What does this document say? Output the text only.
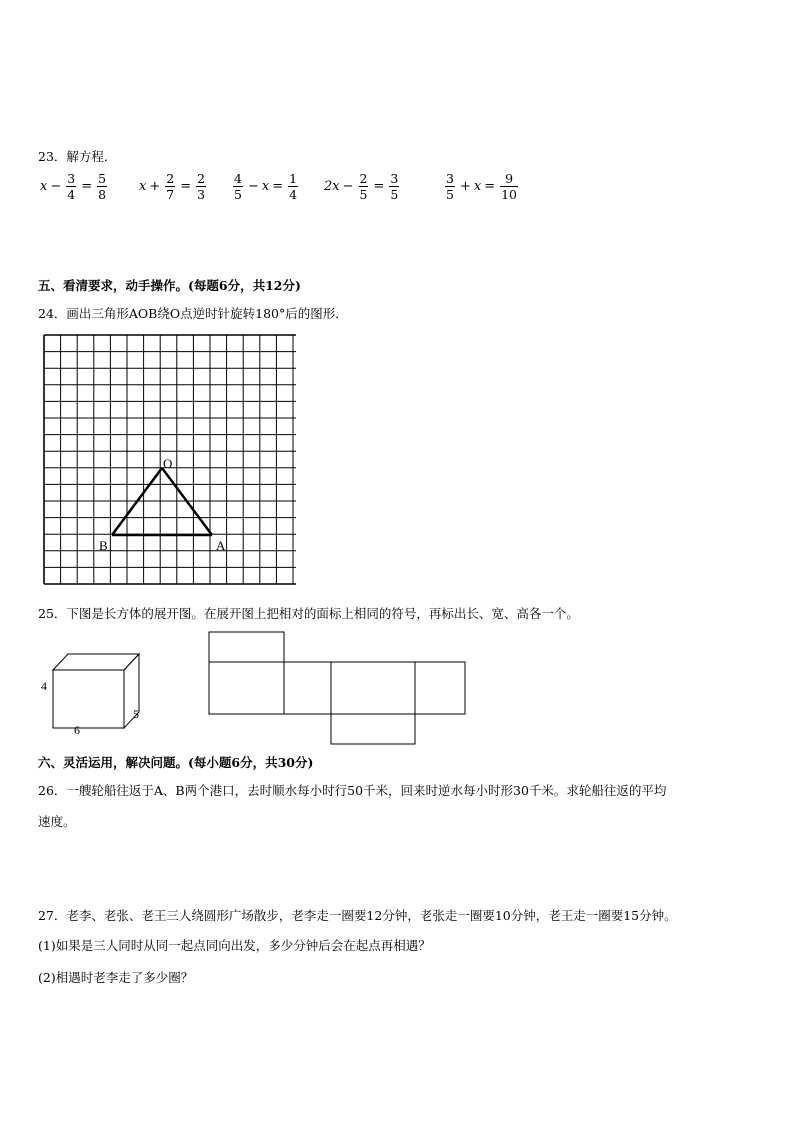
23．解方程．
$x - \frac{3}{4} = \frac{5}{8}$ $x + \frac{2}{7} = \frac{2}{3} \frac{4}{5} - x = \frac{1}{4} 2x - \frac{2}{5} = \frac{3}{5}$	$\frac{3}{5} + x = \frac{9}{10}$
五、看清要求，动手操作。(每题6分，共12分)
24．画出三角形AOB绕O点逆时针旋转180°后的图形．
O
A
B
25．下图是长方体的展开图。在展开图上把相对的面标上相同的符号，再标出长、宽、高各一个。
4
6
5
六、灵活运用，解决问题。(每小题6分，共30分)
26．一艘轮船往返于A、B两个港口，去时顺水每小时行50千米，回来时逆水每小时形30千米。求轮船往返的平均
速度。
27．老李、老张、老王三人绕圆形广场散步，老李走一圈要12分钟，老张走一圈要10分钟，老王走一圈要15分钟。
(1)如果是三人同时从同一起点同向出发，多少分钟后会在起点再相遇？
(2)相遇时老李走了多少圈？
